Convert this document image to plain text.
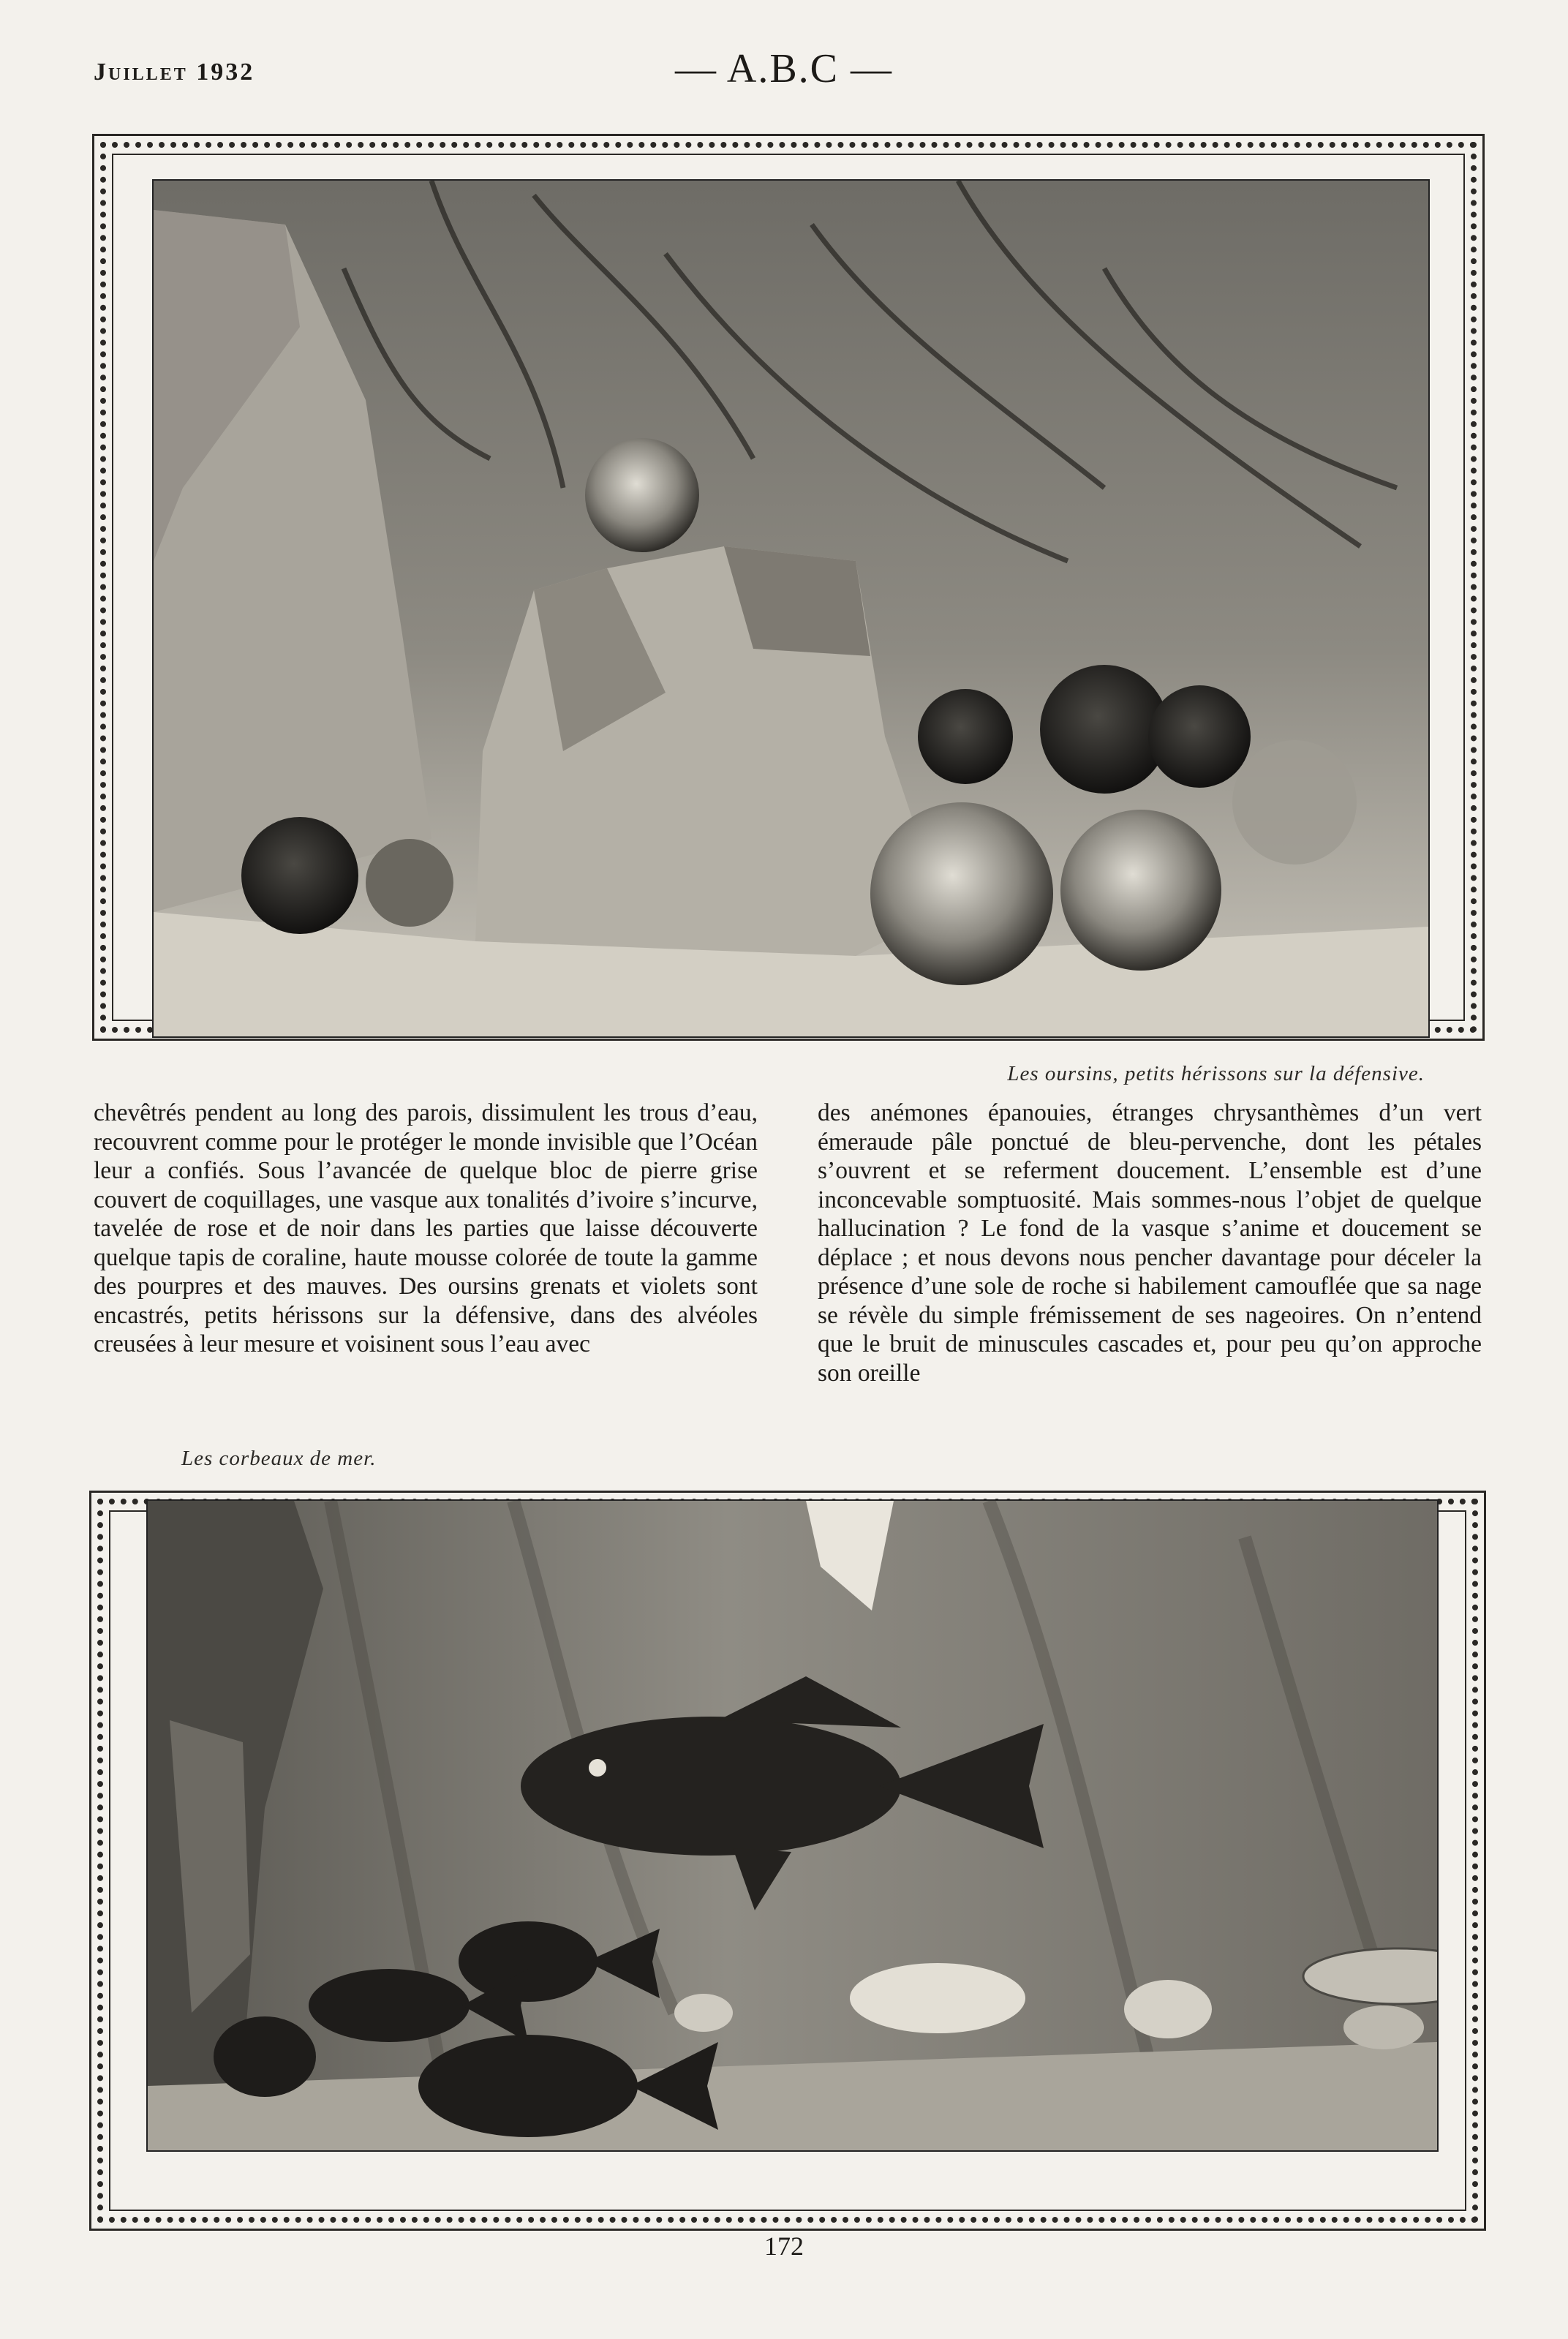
Juillet 1932	— A.B.C —
Les oursins, petits hérissons sur la défensive.

chevêtrés pendent au long des parois, dissimulent les trous d’eau, recouvrent comme pour le protéger le monde invisible que l’Océan leur a confiés. Sous l’avancée de quelque bloc de pierre grise couvert de coquillages, une vasque aux tonalités d’ivoire s’incurve, tavelée de rose et de noir dans les parties que laisse découverte quelque tapis de coraline, haute mousse colorée de toute la gamme des pourpres et des mauves. Des oursins grenats et violets sont encastrés, petits hérissons sur la défensive, dans des alvéoles creusées à leur mesure et voisinent sous l’eau avec

des anémones épanouies, étranges chrysanthèmes d’un vert émeraude pâle ponctué de bleu-pervenche, dont les pétales s’ouvrent et se referment doucement. L’ensemble est d’une inconcevable somptuosité. Mais sommes-nous l’objet de quelque hallucination ? Le fond de la vasque s’anime et doucement se déplace ; et nous devons nous pencher davantage pour déceler la présence d’une sole de roche si habilement camouflée que sa nage se révèle du simple frémissement de ses nageoires. On n’entend que le bruit de minuscules cascades et, pour peu qu’on approche son oreille

Les corbeaux de mer.
172
